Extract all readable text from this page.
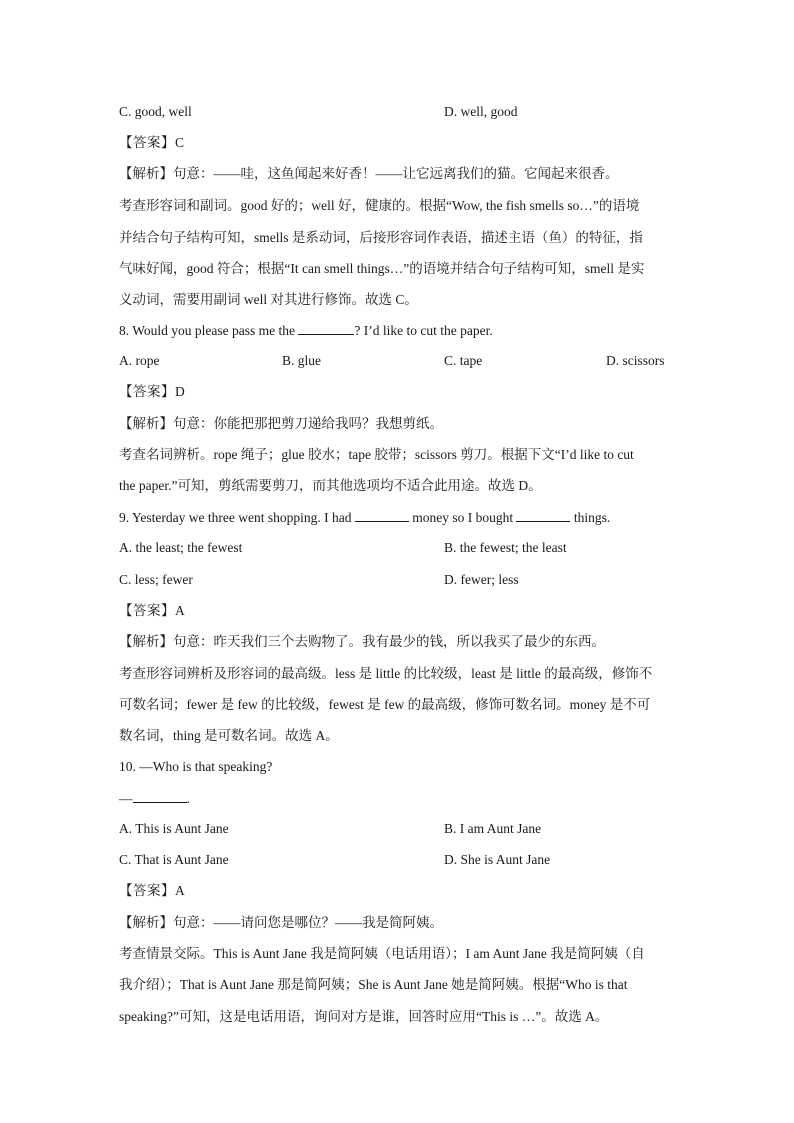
C. good, well	D. well, good
【答案】C
【解析】句意：——哇，这鱼闻起来好香！——让它远离我们的猫。它闻起来很香。
考查形容词和副词。good 好的；well 好，健康的。根据“Wow, the fish smells so…”的语境
并结合句子结构可知，smells 是系动词，后接形容词作表语，描述主语（鱼）的特征，指
气味好闻，good 符合；根据“It can smell things…”的语境并结合句子结构可知，smell 是实
义动词，需要用副词 well 对其进行修饰。故选 C。
8. Would you please pass me the	? I’d like to cut the paper.
A. rope	B. glue	C. tape	D. scissors
【答案】D
【解析】句意：你能把那把剪刀递给我吗？我想剪纸。
考查名词辨析。rope 绳子；glue 胶水；tape 胶带；scissors 剪刀。根据下文“I’d like to cut
the paper.”可知，剪纸需要剪刀，而其他选项均不适合此用途。故选 D。
9. Yesterday we three went shopping. I had	money so I bought	things.
A. the least; the fewest	B. the fewest; the least
C. less; fewer	D. fewer; less
【答案】A
【解析】句意：昨天我们三个去购物了。我有最少的钱，所以我买了最少的东西。
考查形容词辨析及形容词的最高级。less 是 little 的比较级，least 是 little 的最高级，修饰不
可数名词；fewer 是 few 的比较级，fewest 是 few 的最高级，修饰可数名词。money 是不可
数名词，thing 是可数名词。故选 A。
10. —Who is that speaking?
—	.
A. This is Aunt Jane	B. I am Aunt Jane
C. That is Aunt Jane	D. She is Aunt Jane
【答案】A
【解析】句意：——请问您是哪位？——我是简阿姨。
考查情景交际。This is Aunt Jane 我是简阿姨（电话用语）；I am Aunt Jane 我是简阿姨（自
我介绍）；That is Aunt Jane 那是简阿姨；She is Aunt Jane 她是简阿姨。根据“Who is that
speaking?”可知，这是电话用语，询问对方是谁，回答时应用“This is …”。故选 A。
